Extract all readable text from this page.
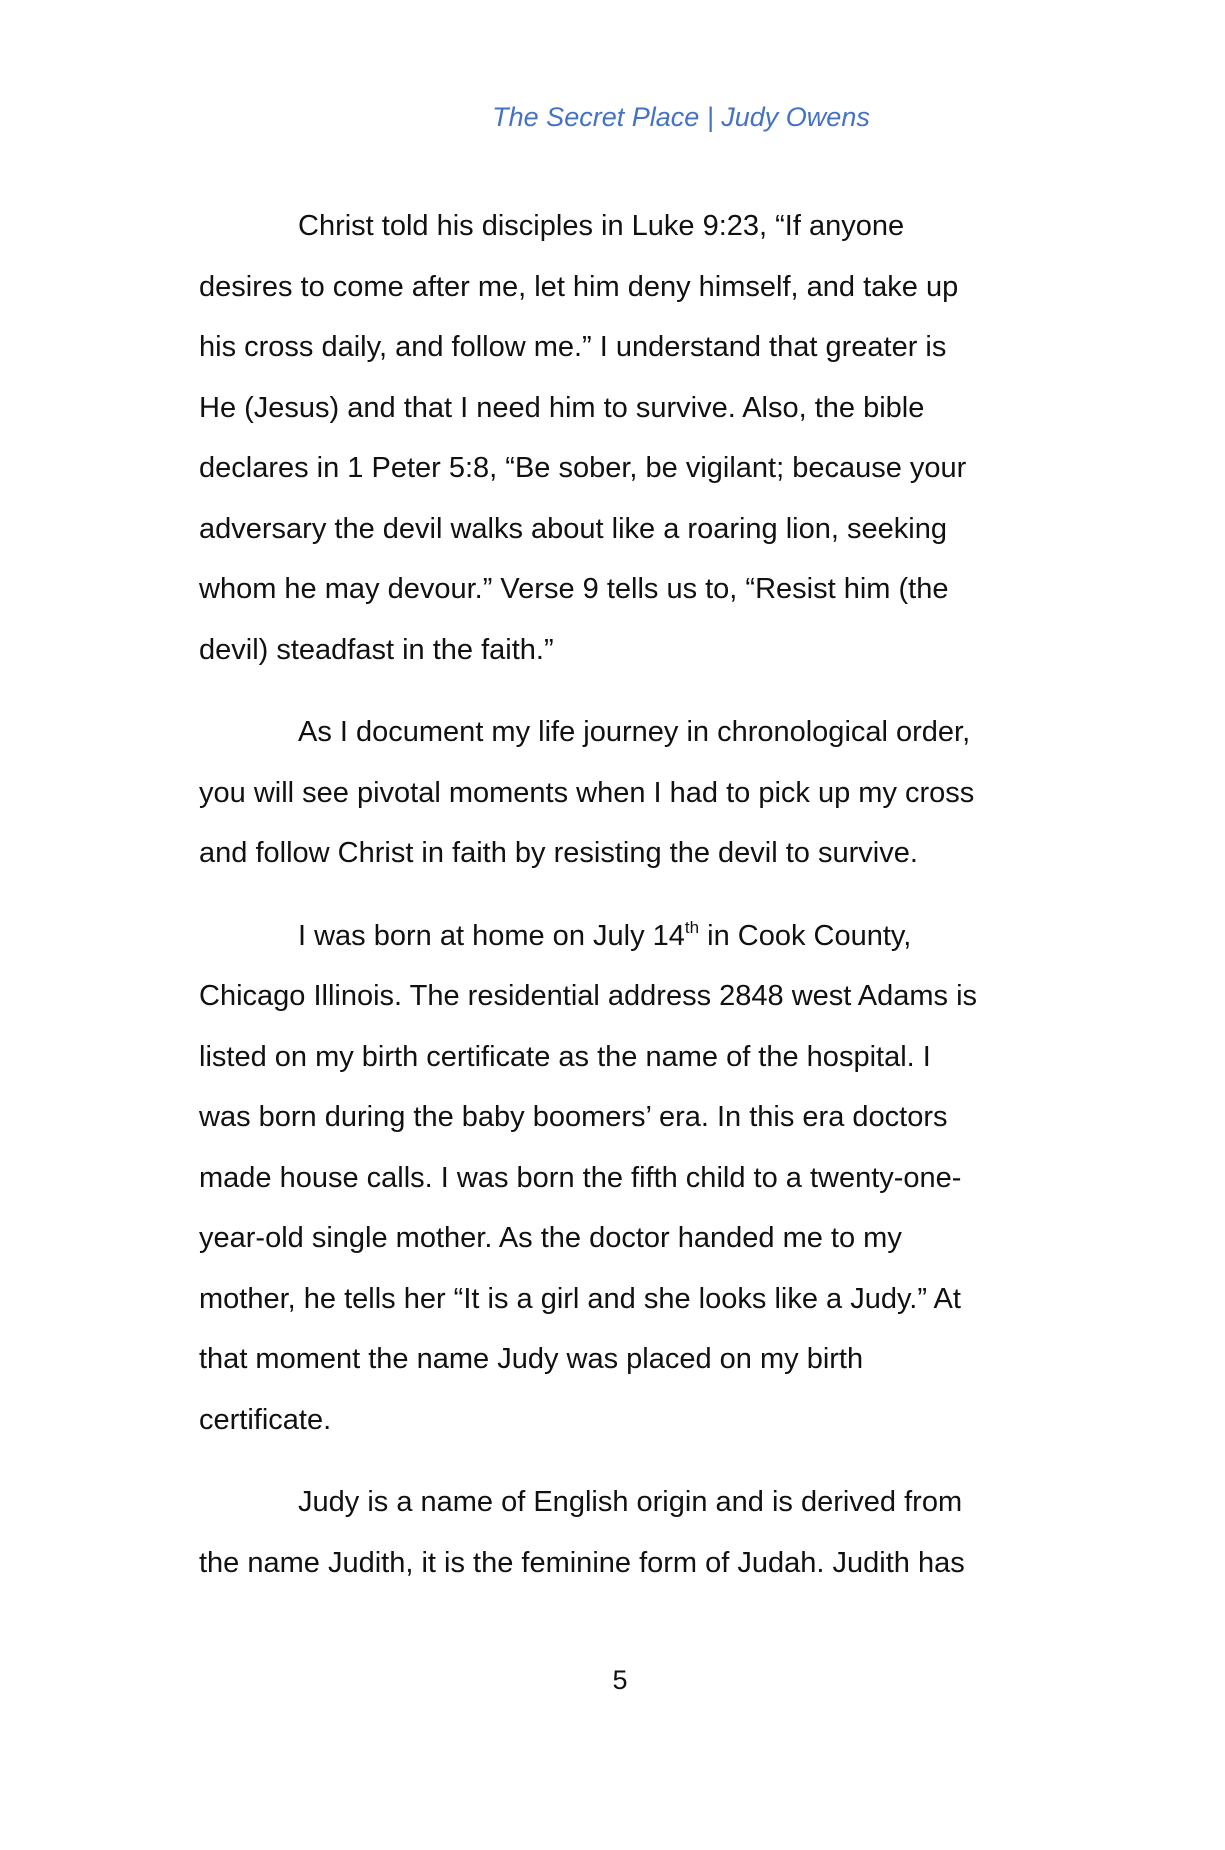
The Secret Place | Judy Owens

Christ told his disciples in Luke 9:23, “If anyone
desires to come after me, let him deny himself, and take up
his cross daily, and follow me.” I understand that greater is
He (Jesus) and that I need him to survive. Also, the bible
declares in 1 Peter 5:8, “Be sober, be vigilant; because your
adversary the devil walks about like a roaring lion, seeking
whom he may devour.” Verse 9 tells us to, “Resist him (the
devil) steadfast in the faith.”

As I document my life journey in chronological order,
you will see pivotal moments when I had to pick up my cross
and follow Christ in faith by resisting the devil to survive.

I was born at home on July 14th in Cook County,
Chicago Illinois. The residential address 2848 west Adams is
listed on my birth certificate as the name of the hospital. I
was born during the baby boomers’ era. In this era doctors
made house calls. I was born the fifth child to a twenty-one-
year-old single mother. As the doctor handed me to my
mother, he tells her “It is a girl and she looks like a Judy.” At
that moment the name Judy was placed on my birth
certificate.

Judy is a name of English origin and is derived from
the name Judith, it is the feminine form of Judah. Judith has

5
